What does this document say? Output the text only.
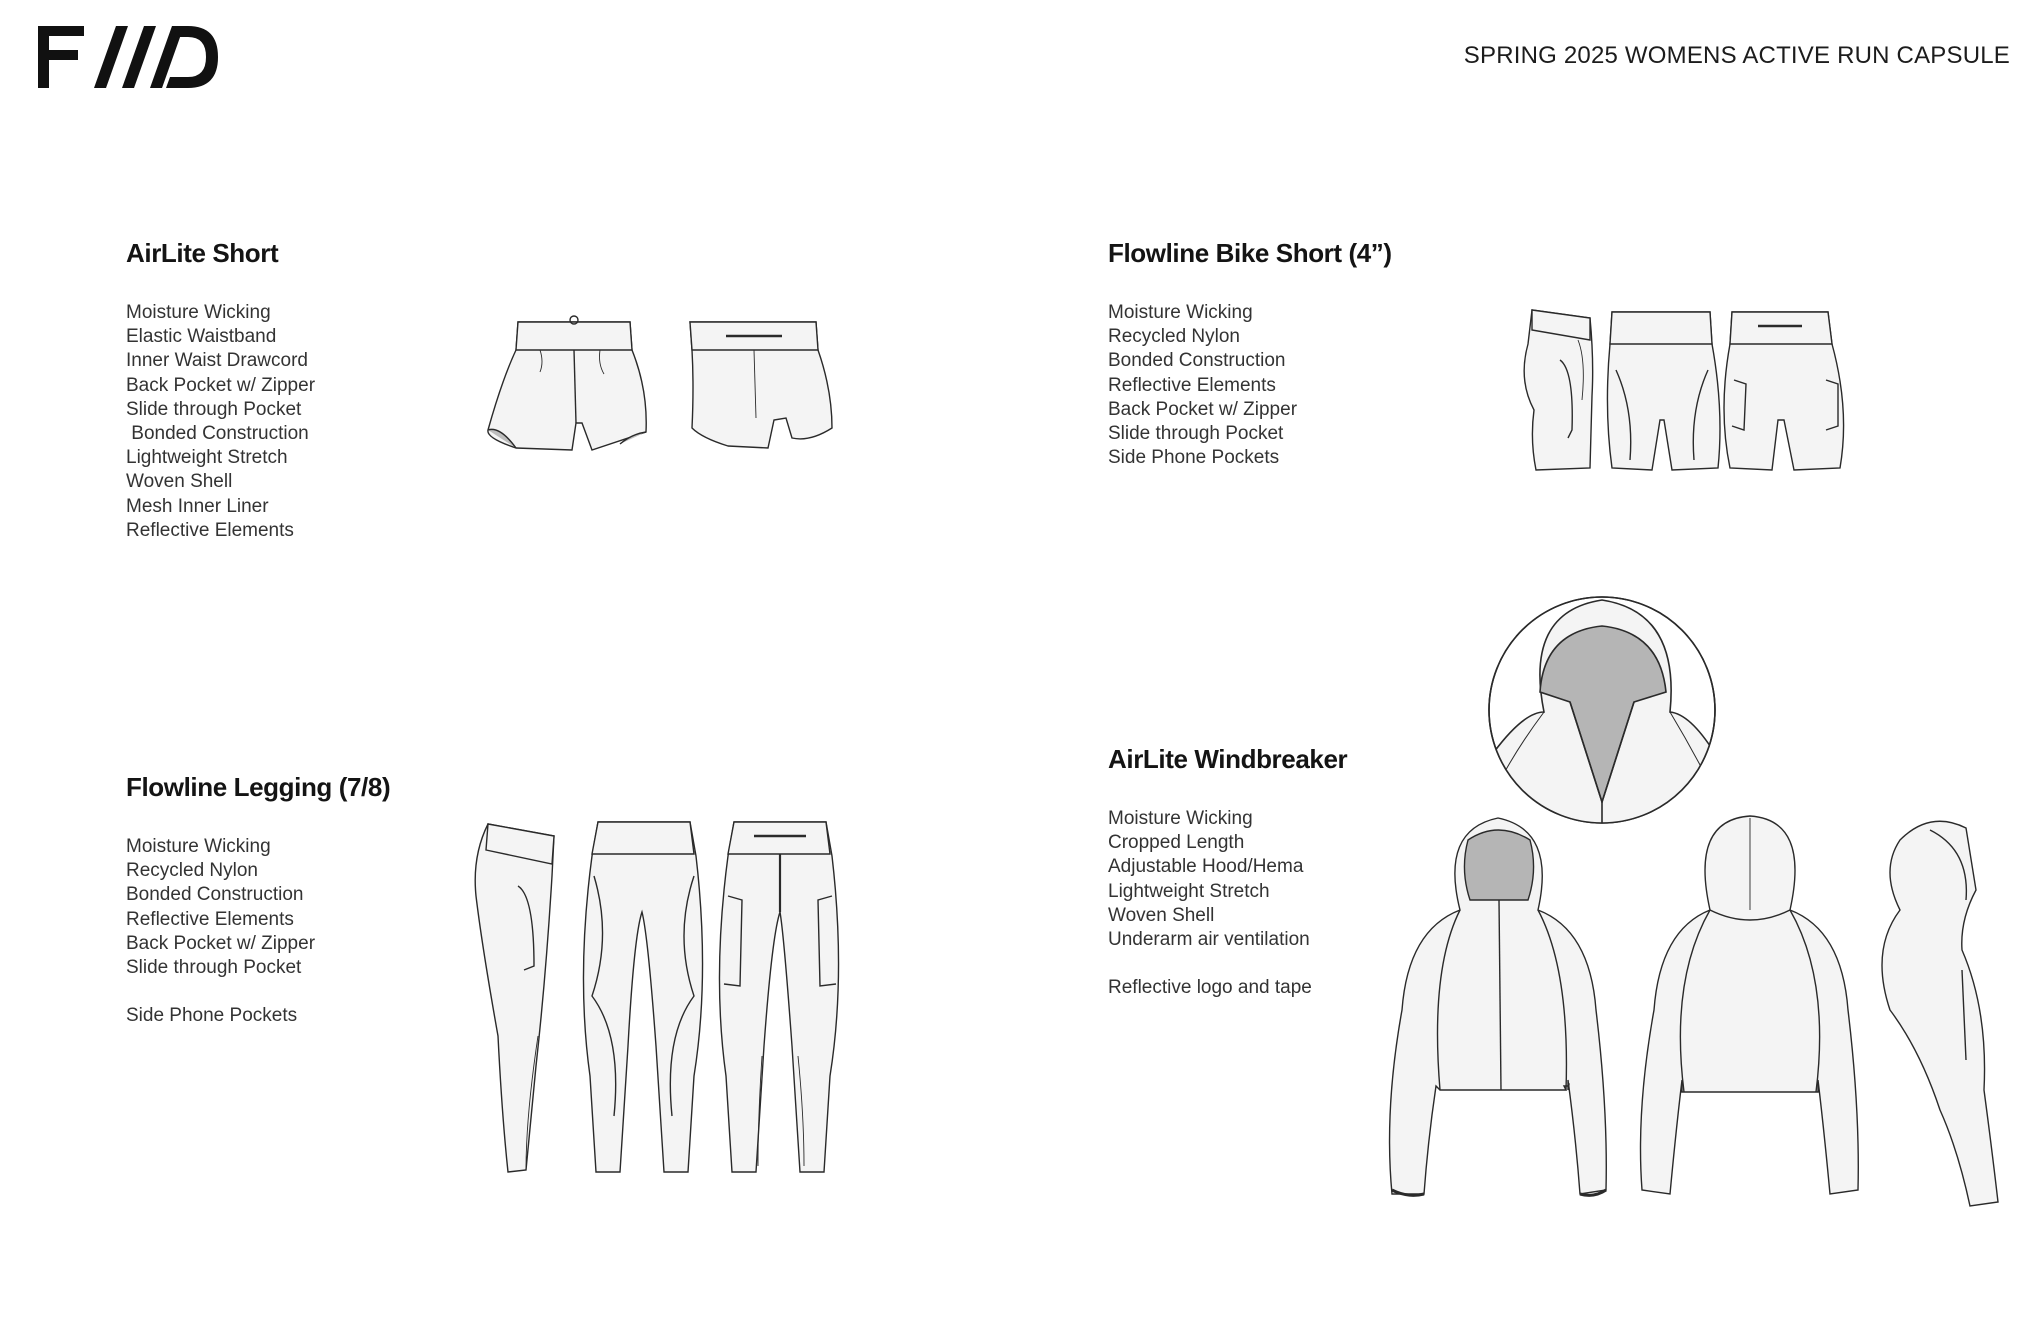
SPRING 2025 WOMENS ACTIVE RUN CAPSULE
AirLite Short
Moisture Wicking
Elastic Waistband
Inner Waist Drawcord
Back Pocket w/ Zipper
Slide through Pocket
Bonded Construction
Lightweight Stretch
Woven Shell
Mesh Inner Liner
Reflective Elements
Flowline Bike Short (4”)
Moisture Wicking
Recycled Nylon
Bonded Construction
Reflective Elements
Back Pocket w/ Zipper
Slide through Pocket
Side Phone Pockets
Flowline Legging (7/8)
Moisture Wicking
Recycled Nylon
Bonded Construction
Reflective Elements
Back Pocket w/ Zipper
Slide through Pocket
Side Phone Pockets
AirLite Windbreaker
Moisture Wicking
Cropped Length
Adjustable Hood/Hema
Lightweight Stretch
Woven Shell
Underarm air ventilation
Reflective logo and tape
